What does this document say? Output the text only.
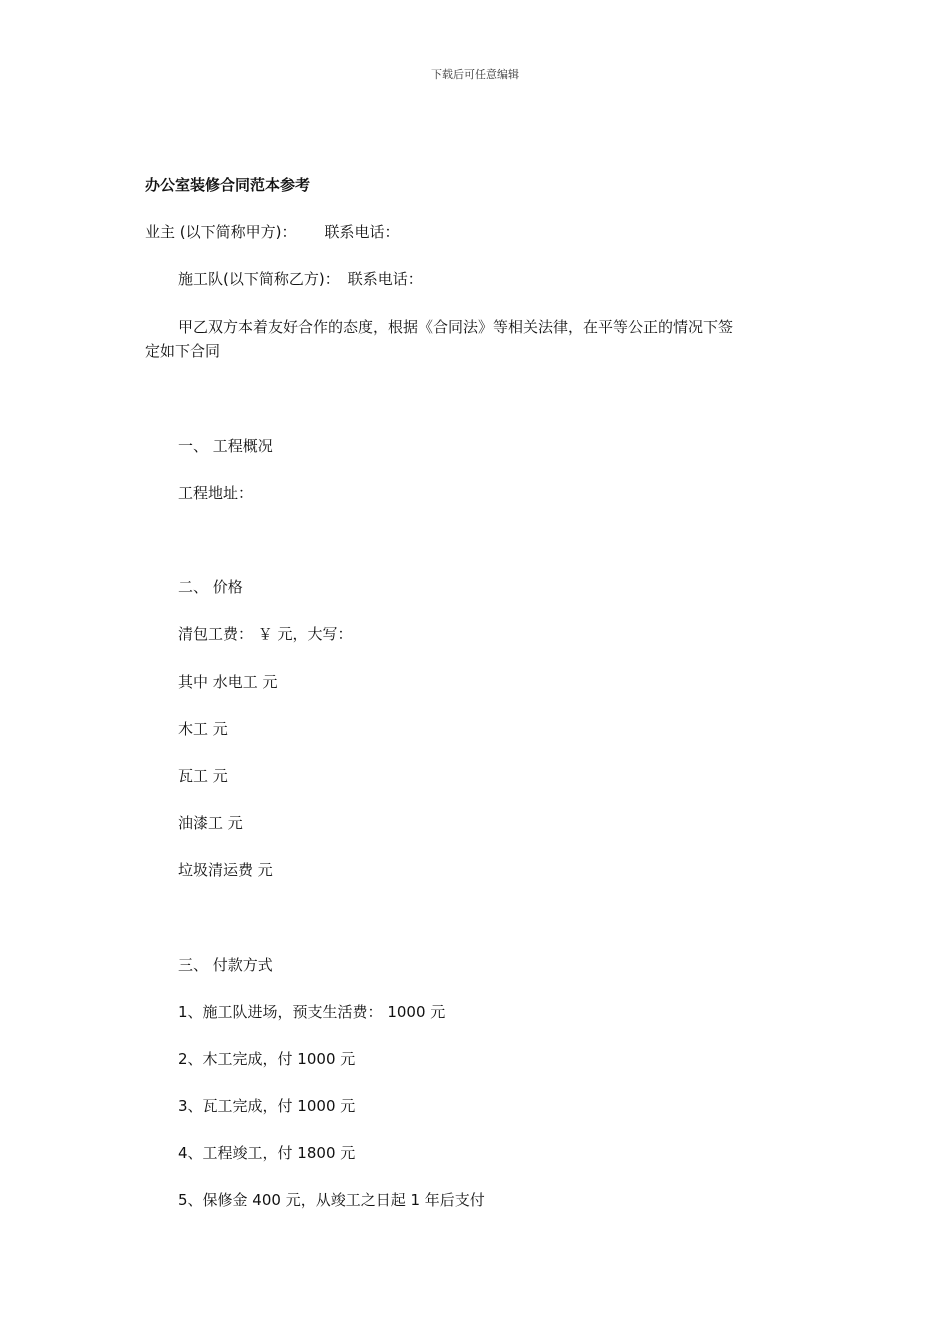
下载后可任意编辑
办公室装修合同范本参考
业主 (以下简称甲方)： 联系电话：
施工队(以下简称乙方)： 联系电话：
甲乙双方本着友好合作的态度，根据《合同法》等相关法律，在平等公正的情况下签
定如下合同
一、 工程概况
工程地址：
二、 价格
清包工费： ￥ 元，大写：
其中 水电工 元
木工 元
瓦工 元
油漆工 元
垃圾清运费 元
三、 付款方式
1、施工队进场，预支生活费： 1000 元
2、木工完成，付 1000 元
3、瓦工完成，付 1000 元
4、工程竣工，付 1800 元
5、保修金 400 元，从竣工之日起 1 年后支付
